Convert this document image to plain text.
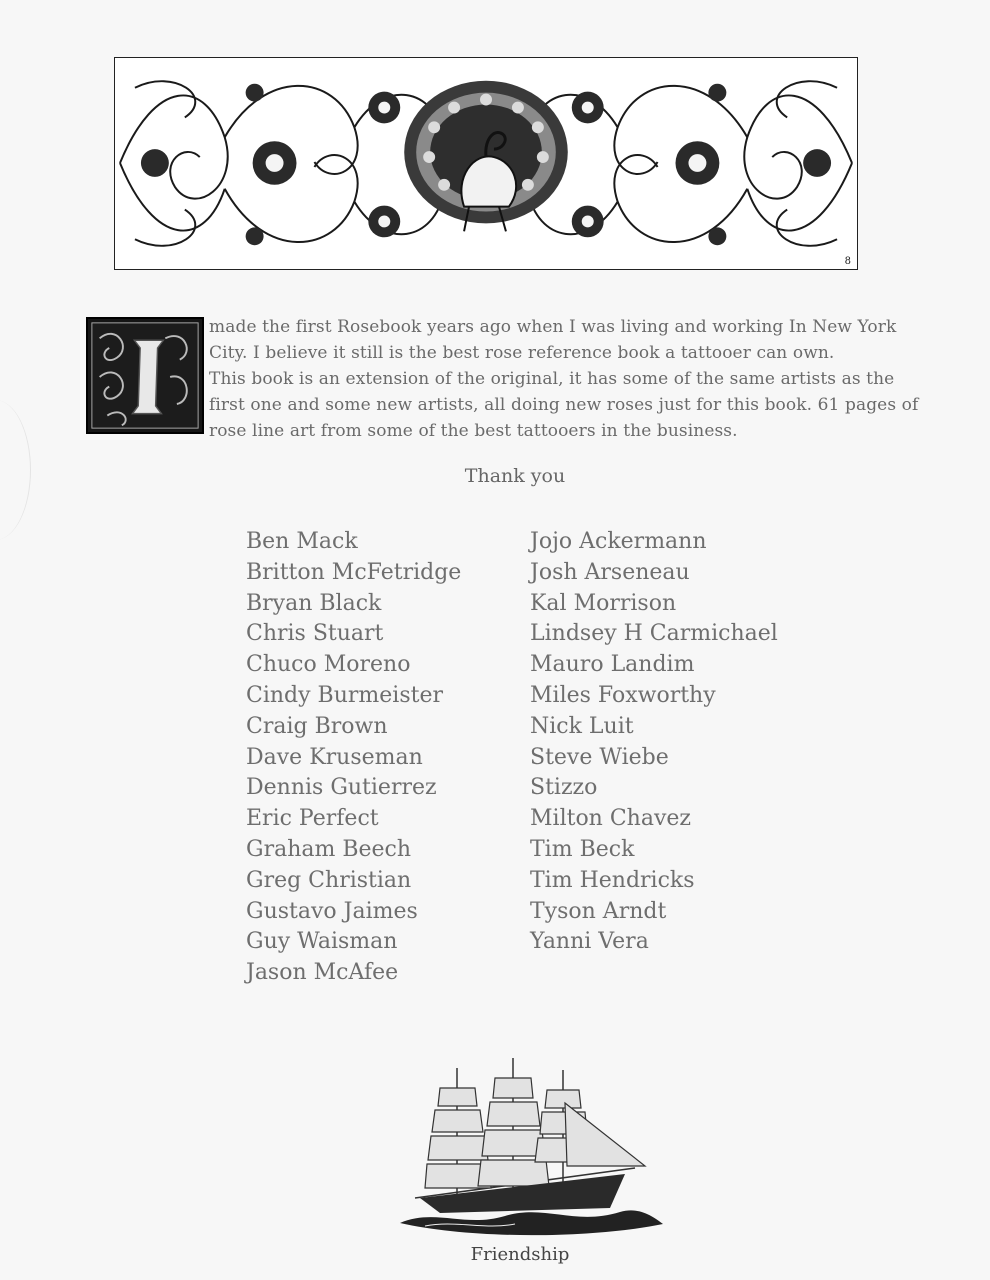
8
made the first Rosebook years ago when I was living and working In New York
City. I believe it still is the best rose reference book a tattooer can own.
This book is an extension of the original, it has some of the same artists as the
first one and some new artists, all doing new roses just for this book. 61 pages of
rose line art from some of the best tattooers in the business.
Thank you
Ben Mack
Britton McFetridge
Bryan Black
Chris Stuart
Chuco Moreno
Cindy Burmeister
Craig Brown
Dave Kruseman
Dennis Gutierrez
Eric Perfect
Graham Beech
Greg Christian
Gustavo Jaimes
Guy Waisman
Jason McAfee
Jojo Ackermann
Josh Arseneau
Kal Morrison
Lindsey H Carmichael
Mauro Landim
Miles Foxworthy
Nick Luit
Steve Wiebe
Stizzo
Milton Chavez
Tim Beck
Tim Hendricks
Tyson Arndt
Yanni Vera
Friendship
